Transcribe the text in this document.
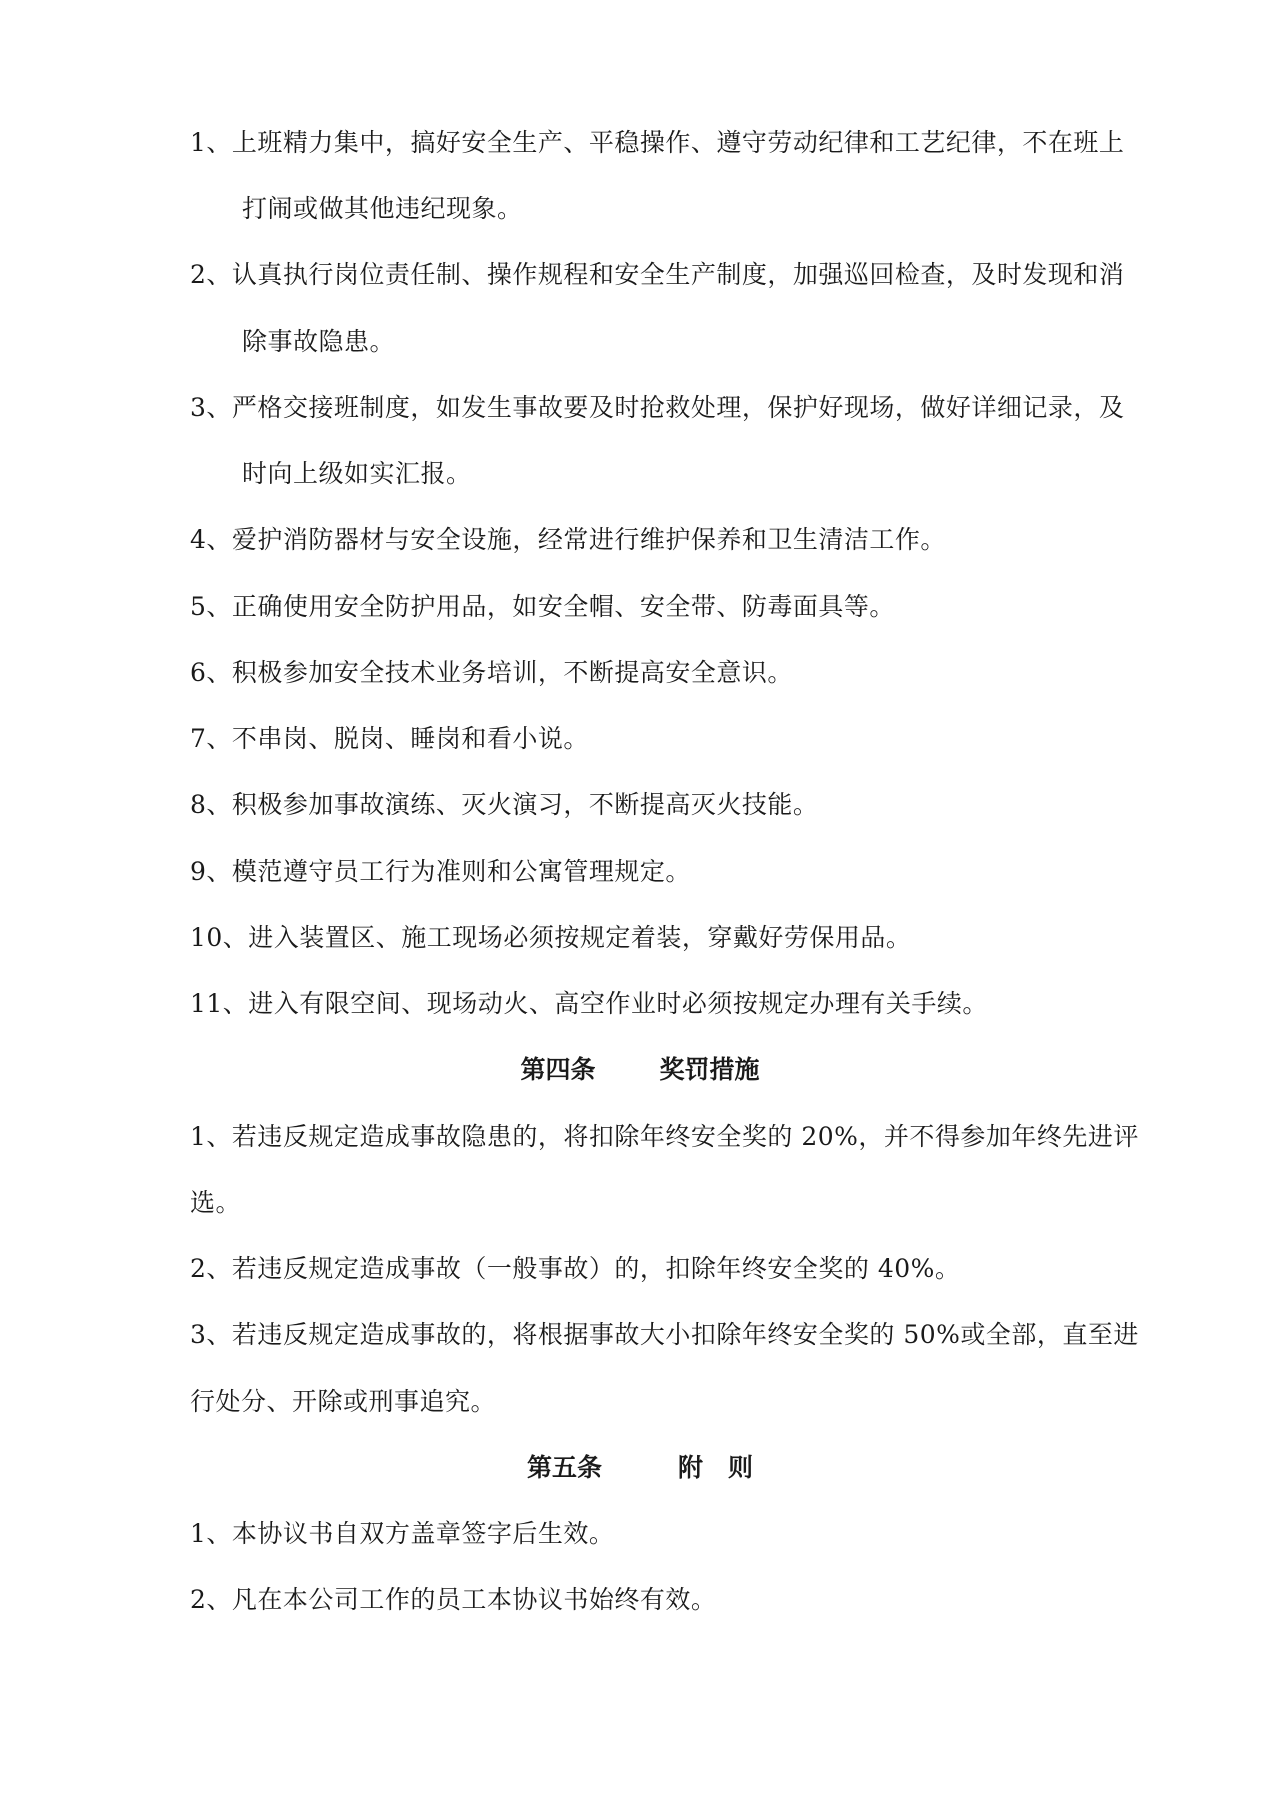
1、上班精力集中，搞好安全生产、平稳操作、遵守劳动纪律和工艺纪律，不在班上
打闹或做其他违纪现象。
2、认真执行岗位责任制、操作规程和安全生产制度，加强巡回检查，及时发现和消
除事故隐患。
3、严格交接班制度，如发生事故要及时抢救处理，保护好现场，做好详细记录，及
时向上级如实汇报。
4、爱护消防器材与安全设施，经常进行维护保养和卫生清洁工作。
5、正确使用安全防护用品，如安全帽、安全带、防毒面具等。
6、积极参加安全技术业务培训，不断提高安全意识。
7、不串岗、脱岗、睡岗和看小说。
8、积极参加事故演练、灭火演习，不断提高灭火技能。
9、模范遵守员工行为准则和公寓管理规定。
10、进入装置区、施工现场必须按规定着装，穿戴好劳保用品。
11、进入有限空间、现场动火、高空作业时必须按规定办理有关手续。
第四条	奖罚措施
1、若违反规定造成事故隐患的，将扣除年终安全奖的 20%，并不得参加年终先进评
选。
2、若违反规定造成事故（一般事故）的，扣除年终安全奖的 40%。
3、若违反规定造成事故的，将根据事故大小扣除年终安全奖的 50%或全部，直至进
行处分、开除或刑事追究。
第五条	附　则
1、本协议书自双方盖章签字后生效。
2、凡在本公司工作的员工本协议书始终有效。
